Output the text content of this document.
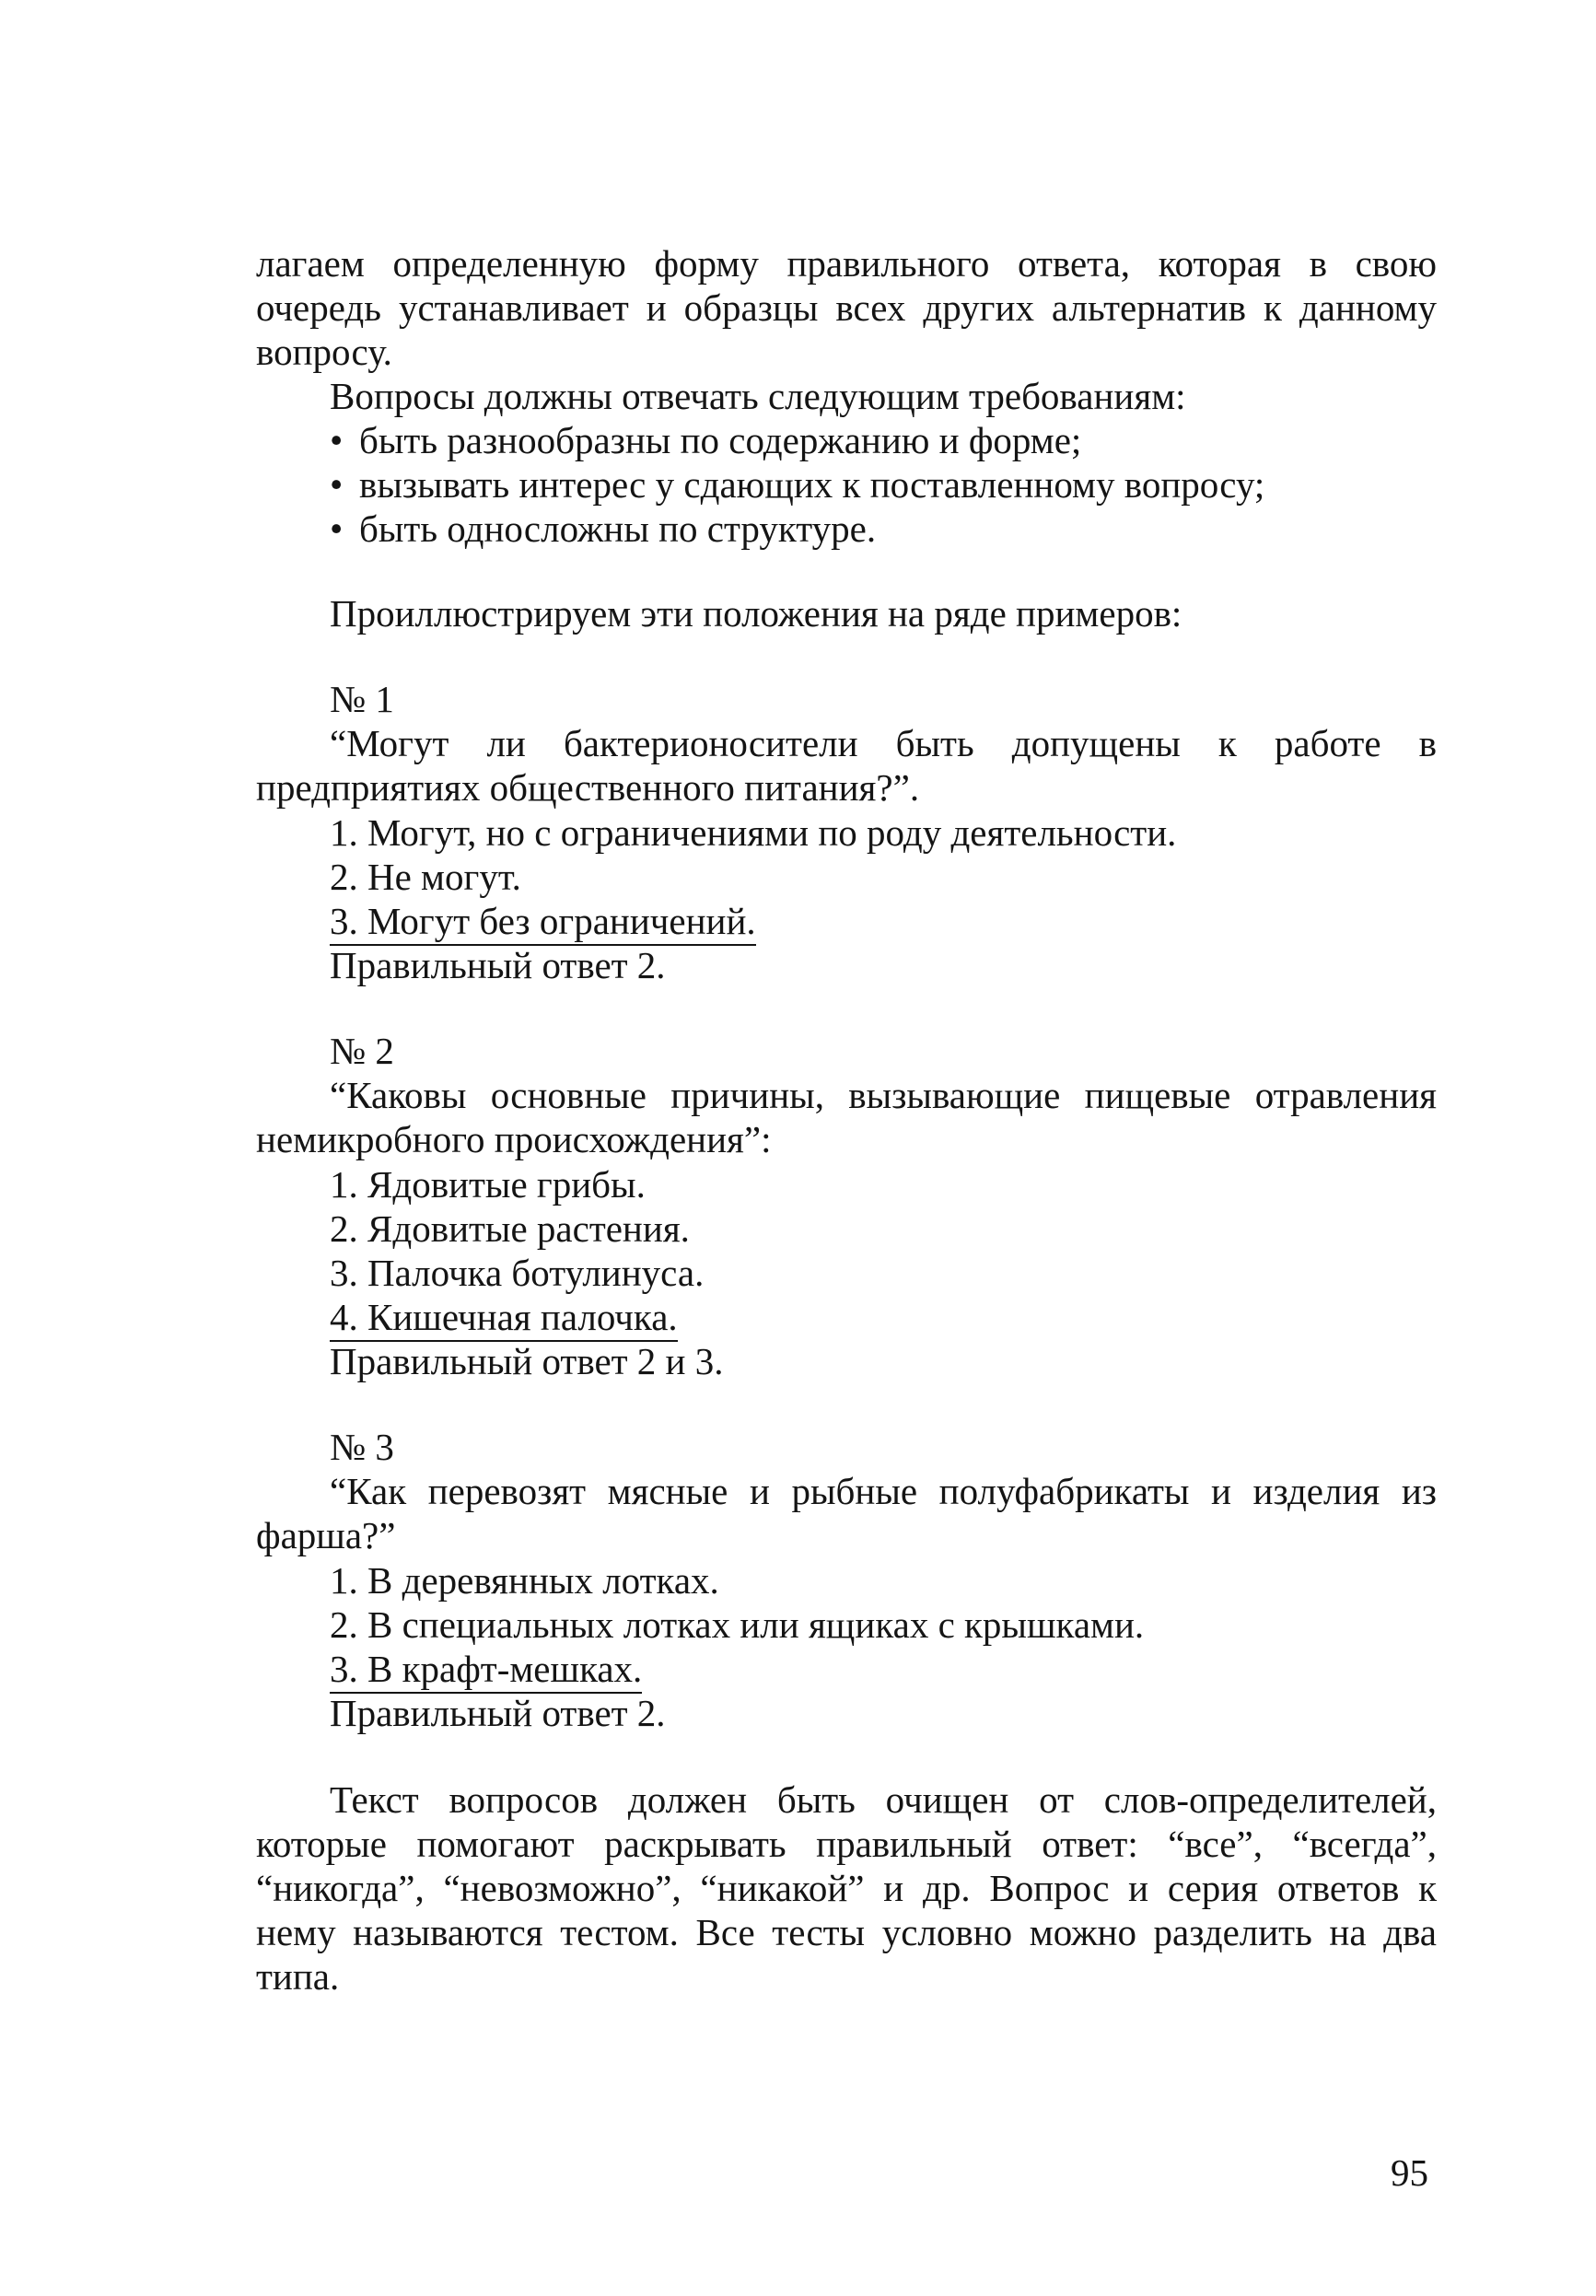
лагаем определенную форму правильного ответа, которая в свою очередь устанавливает и образцы всех других альтернатив к данному вопросу.
Вопросы должны отвечать следующим требованиям:
• быть разнообразны по содержанию и форме;
• вызывать интерес у сдающих к поставленному вопросу;
• быть односложны по структуре.
Проиллюстрируем эти положения на ряде примеров:
№ 1
“Могут ли бактерионосители быть допущены к работе в предприятиях общественного питания?”.
1. Могут, но с ограничениями по роду деятельности.
2. Не могут.
3. Могут без ограничений.
Правильный ответ 2.
№ 2
“Каковы основные причины, вызывающие пищевые отравления немикробного происхождения”:
1. Ядовитые грибы.
2. Ядовитые растения.
3. Палочка ботулинуса.
4. Кишечная палочка.
Правильный ответ 2 и 3.
№ 3
“Как перевозят мясные и рыбные полуфабрикаты и изделия из фарша?”
1. В деревянных лотках.
2. В специальных лотках или ящиках с крышками.
3. В крафт-мешках.
Правильный ответ 2.
Текст вопросов должен быть очищен от слов-определителей, которые помогают раскрывать правильный ответ: “все”, “всегда”, “никогда”, “невозможно”, “никакой” и др. Вопрос и серия ответов к нему называются тестом. Все тесты условно можно разделить на два типа.
95
